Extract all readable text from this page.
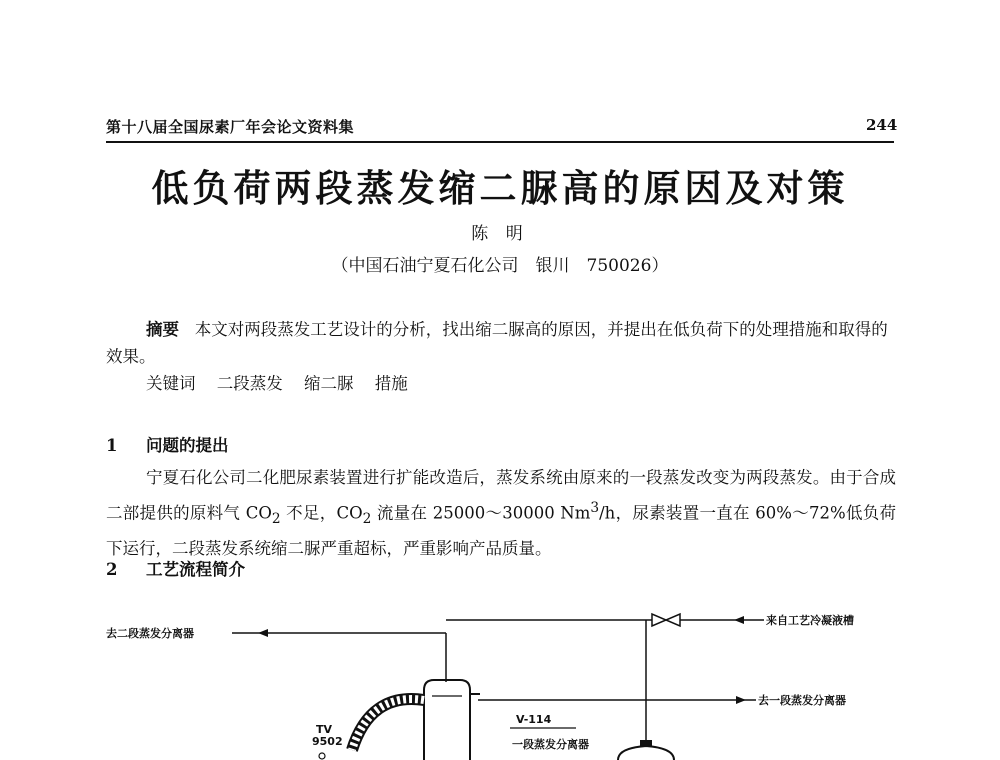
第十八届全国尿素厂年会论文资料集	244
低负荷两段蒸发缩二脲高的原因及对策
陈 明
（中国石油宁夏石化公司　银川　750026）
摘要 本文对两段蒸发工艺设计的分析，找出缩二脲高的原因，并提出在低负荷下的处理措施和取得的效果。
关键词 二段蒸发 缩二脲 措施
1 问题的提出
宁夏石化公司二化肥尿素装置进行扩能改造后，蒸发系统由原来的一段蒸发改变为两段蒸发。由于合成二部提供的原料气 $CO_2$ 不足，$CO_2$ 流量在 25000～30000 Nm$^3$/h，尿素装置一直在 60%～72%低负荷下运行，二段蒸发系统缩二脲严重超标，严重影响产品质量。
2 工艺流程简介
去二段蒸发分离器
来自工艺冷凝液槽
去一段蒸发分离器
TV
9502
V-114
一段蒸发分离器
